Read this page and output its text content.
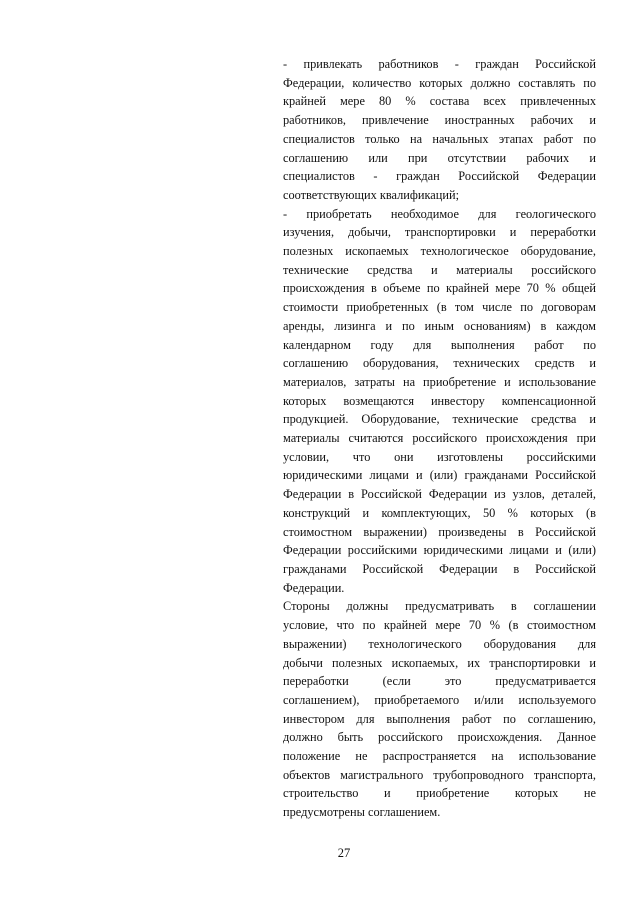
- привлекать работников - граждан Российской
Федерации, количество которых должно составлять по
крайней мере 80 % состава всех привлеченных
работников, привлечение иностранных рабочих и
специалистов только на начальных этапах работ по
соглашению или при отсутствии рабочих и
специалистов - граждан Российской Федерации
соответствующих квалификаций;

- приобретать необходимое для геологического
изучения, добычи, транспортировки и переработки
полезных ископаемых технологическое оборудование,
технические средства и материалы российского
происхождения в объеме по крайней мере 70 % общей
стоимости приобретенных (в том числе по договорам
аренды, лизинга и по иным основаниям) в каждом
календарном году для выполнения работ по
соглашению оборудования, технических средств и
материалов, затраты на приобретение и использование
которых возмещаются инвестору компенсационной
продукцией. Оборудование, технические средства и
материалы считаются российского происхождения при
условии, что они изготовлены российскими
юридическими лицами и (или) гражданами Российской
Федерации в Российской Федерации из узлов, деталей,
конструкций и комплектующих, 50 % которых (в
стоимостном выражении) произведены в Российской
Федерации российскими юридическими лицами и (или)
гражданами Российской Федерации в Российской
Федерации.

Стороны должны предусматривать в соглашении
условие, что по крайней мере 70 % (в стоимостном
выражении) технологического оборудования для
добычи полезных ископаемых, их транспортировки и
переработки (если это предусматривается
соглашением), приобретаемого и/или используемого
инвестором для выполнения работ по соглашению,
должно быть российского происхождения. Данное
положение не распространяется на использование
объектов магистрального трубопроводного транспорта,
строительство и приобретение которых не
предусмотрены соглашением.

27
